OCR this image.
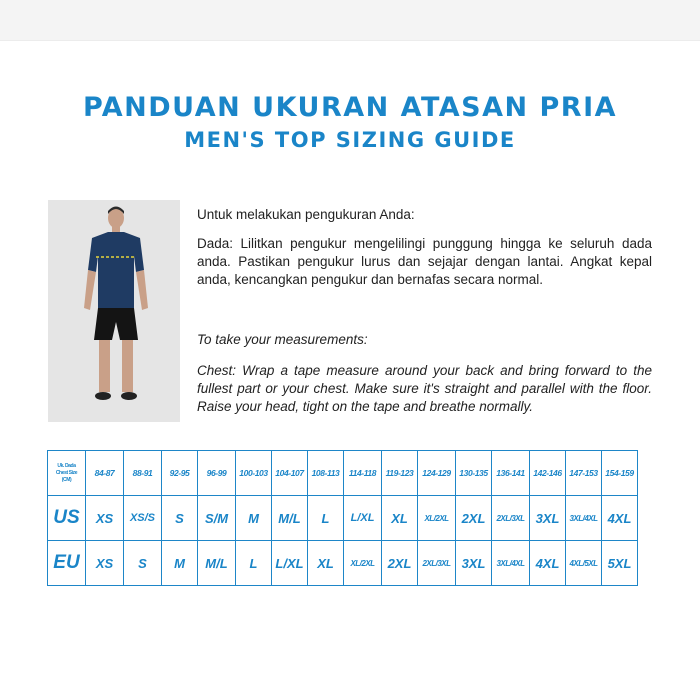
PANDUAN UKURAN ATASAN PRIA
MEN'S TOP SIZING GUIDE
Untuk melakukan pengukuran Anda:
Dada: Lilitkan pengukur mengelilingi punggung hingga ke seluruh dada anda. Pastikan pengukur lurus dan sejajar dengan lantai. Angkat kepal anda, kencangkan pengukur dan bernafas secara normal.
To take your measurements:
Chest: Wrap a tape measure around your back and bring forward to the fullest part or your chest. Make sure it's straight and parallel with the floor. Raise your head, tight on the tape and breathe normally.
Uk. Dada
Chest Size
(CM)	84-87	88-91	92-95	96-99	100-103	104-107	108-113	114-118	119-123	124-129	130-135	136-141	142-146	147-153	154-159
US	XS	XS/S	S	S/M	M	M/L	L	L/XL	XL	XL/2XL	2XL	2XL/3XL	3XL	3XL/4XL	4XL
EU	XS	S	M	M/L	L	L/XL	XL	XL/2XL	2XL	2XL/3XL	3XL	3XL/4XL	4XL	4XL/5XL	5XL
